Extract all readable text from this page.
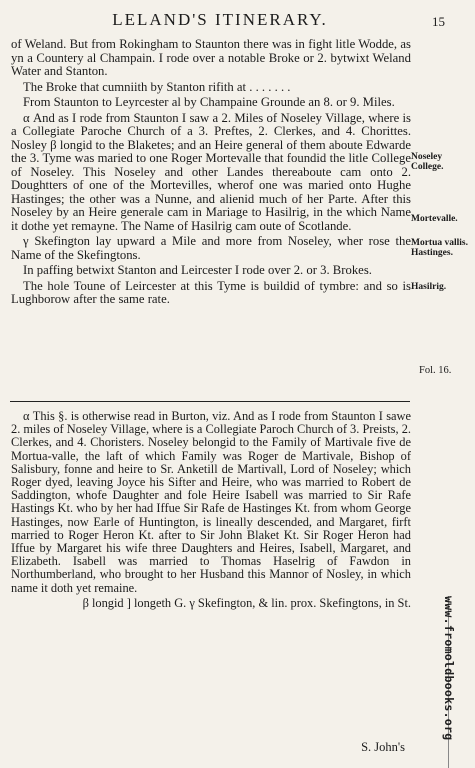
LELAND'S ITINERARY.	15

of Weland. But from Rokingham to Staunton there was in fight litle Wodde, as yn a Countery al Champain. I rode over a notable Broke or 2. bytwixt Weland Water and Stanton.

The Broke that cumniith by Stanton rifith at . . . . . . .

From Staunton to Leyrcester al by Champaine Grounde an 8. or 9. Miles.

α And as I rode from Staunton I saw a 2. Miles of Noseley Village, where is a Collegiate Paroche Church of a 3. Preftes, 2. Clerkes, and 4. Chorittes. Nosley β longid to the Blaketes; and an Heire general of them aboute Edwarde the 3. Tyme was maried to one Roger Mortevalle that foundid the litle College of Noseley. This Noseley and other Landes thereaboute cam onto 2. Doughtters of one of the Mortevilles, wherof one was maried onto Hughe Hastinges; the other was a Nunne, and alienid much of her Parte. After this Noseley by an Heire generale cam in Mariage to Hasilrig, in the which Name it dothe yet remayne. The Name of Hasilrig cam oute of Scotlande.

γ Skefington lay upward a Mile and more from Noseley, wher rose the Name of the Skefingtons.

In paffing betwixt Stanton and Leircester I rode over 2. or 3. Brokes.

The hole Toune of Leircester at this Tyme is buildid of tymbre: and so is Lughborow after the same rate.

Noseley College.
Mortevalle.
Mortua vallis. Hastinges.
Hasilrig.
Fol. 16.

α This §. is otherwise read in Burton, viz. And as I rode from Staunton I sawe 2. miles of Noseley Village, where is a Collegiate Paroch Church of 3. Preists, 2. Clerkes, and 4. Choristers. Noseley belongid to the Family of Martivale five de Mortua-valle, the laft of which Family was Roger de Martivale, Bishop of Salisbury, fonne and heire to Sr. Anketill de Martivall, Lord of Noseley; which Roger dyed, leaving Joyce his Sifter and Heire, who was married to Robert de Saddington, whofe Daughter and fole Heire Isabell was married to Sir Rafe Hastings Kt. who by her had Iffue Sir Rafe de Hastinges Kt. from whom George Hastinges, now Earle of Huntington, is lineally descended, and Margaret, firft married to Roger Heron Kt. after to Sir John Blaket Kt. Sir Roger Heron had Iffue by Margaret his wife three Daughters and Heires, Isabell, Margaret, and Elizabeth. Isabell was married to Thomas Haselrig of Fawdon in Northumberland, who brought to her Husband this Mannor of Nosley, in which name it doth yet remaine.

β longid ] longeth G. γ Skefington, & lin. prox. Skefingtons, in St.

S. John's
www.fromoldbooks.org
